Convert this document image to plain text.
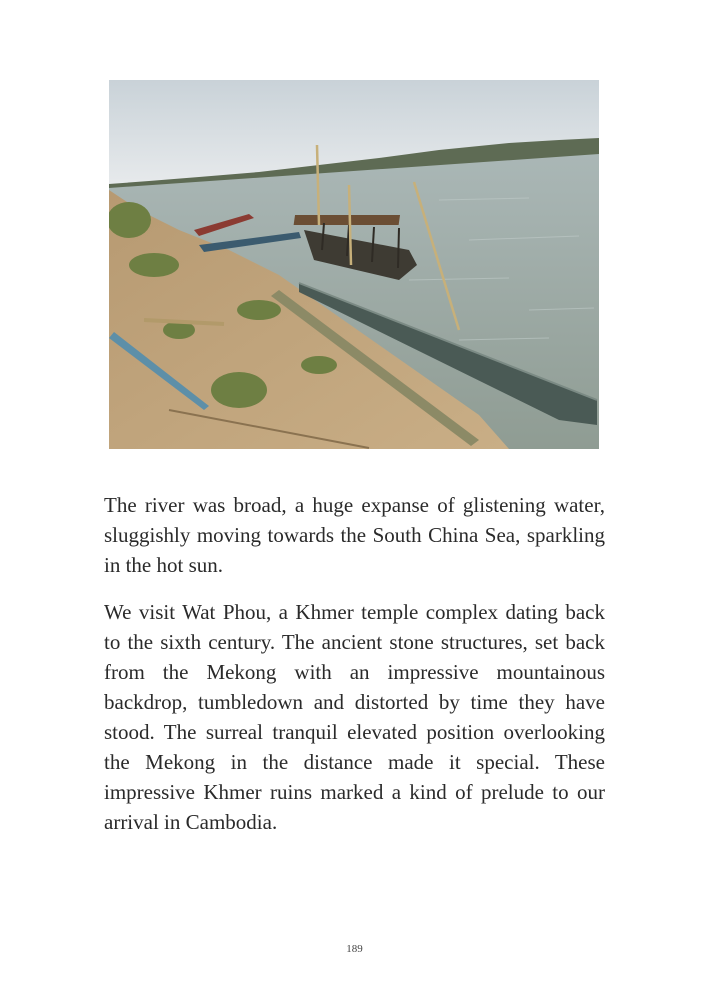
The river was broad, a huge expanse of glistening water, sluggishly moving towards the South China Sea, sparkling in the hot sun.

We visit Wat Phou, a Khmer temple complex dating back to the sixth century. The ancient stone structures, set back from the Mekong with an impressive mountainous backdrop, tumbledown and distorted by time they have stood. The surreal tranquil elevated position overlooking the Mekong in the distance made it special. These impressive Khmer ruins marked a kind of prelude to our arrival in Cambodia.

189
